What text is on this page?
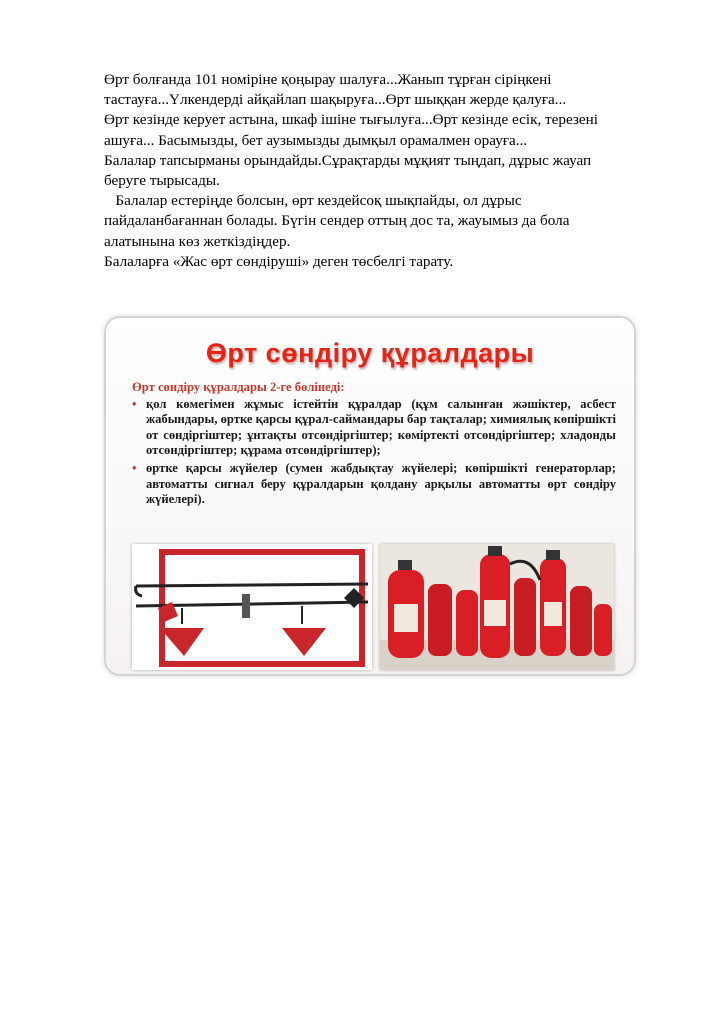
Өрт болғанда 101 номіріне қоңырау шалуға...Жанып тұрған сіріңкені

тастауға...Үлкендерді айқайлап шақыруға...Өрт шыққан жерде қалуға...

Өрт кезінде керует астына, шкаф ішіне тығылуға...Өрт кезінде есік, терезені

ашуға... Басымызды, бет аузымызды дымқыл орамалмен орауға...

Балалар тапсырманы орындайды.Сұрақтарды мұқият тыңдап, дұрыс жауап

беруге тырысады.

Балалар естеріңде болсын, өрт кездейсоқ шықпайды, ол дұрыс

пайдаланбағаннан болады. Бүгін сендер оттың дос та, жауымыз да бола

алатынына көз жеткіздіңдер.

Балаларға «Жас өрт сөндіруші» деген төсбелгі тарату.

Өрт сөндіру құралдары
Өрт сөндіру құралдары 2-ге бөлінеді:
• қол көмегімен жұмыс істейтін құралдар (құм салынған жәшіктер, асбест жабындары, өртке қарсы құрал-саймандары бар тақталар; химиялық көпіршікті от сөндіргіштер; ұнтақты отсөндіргіштер; көміртекті отсөндіргіштер; хладонды отсөндіргіштер; құрама отсөндіргіштер);
• өртке қарсы жүйелер (сумен жабдықтау жүйелері; көпіршікті генераторлар; автоматты сигнал беру құралдарын қолдану арқылы автоматты өрт сөндіру жүйелері).
